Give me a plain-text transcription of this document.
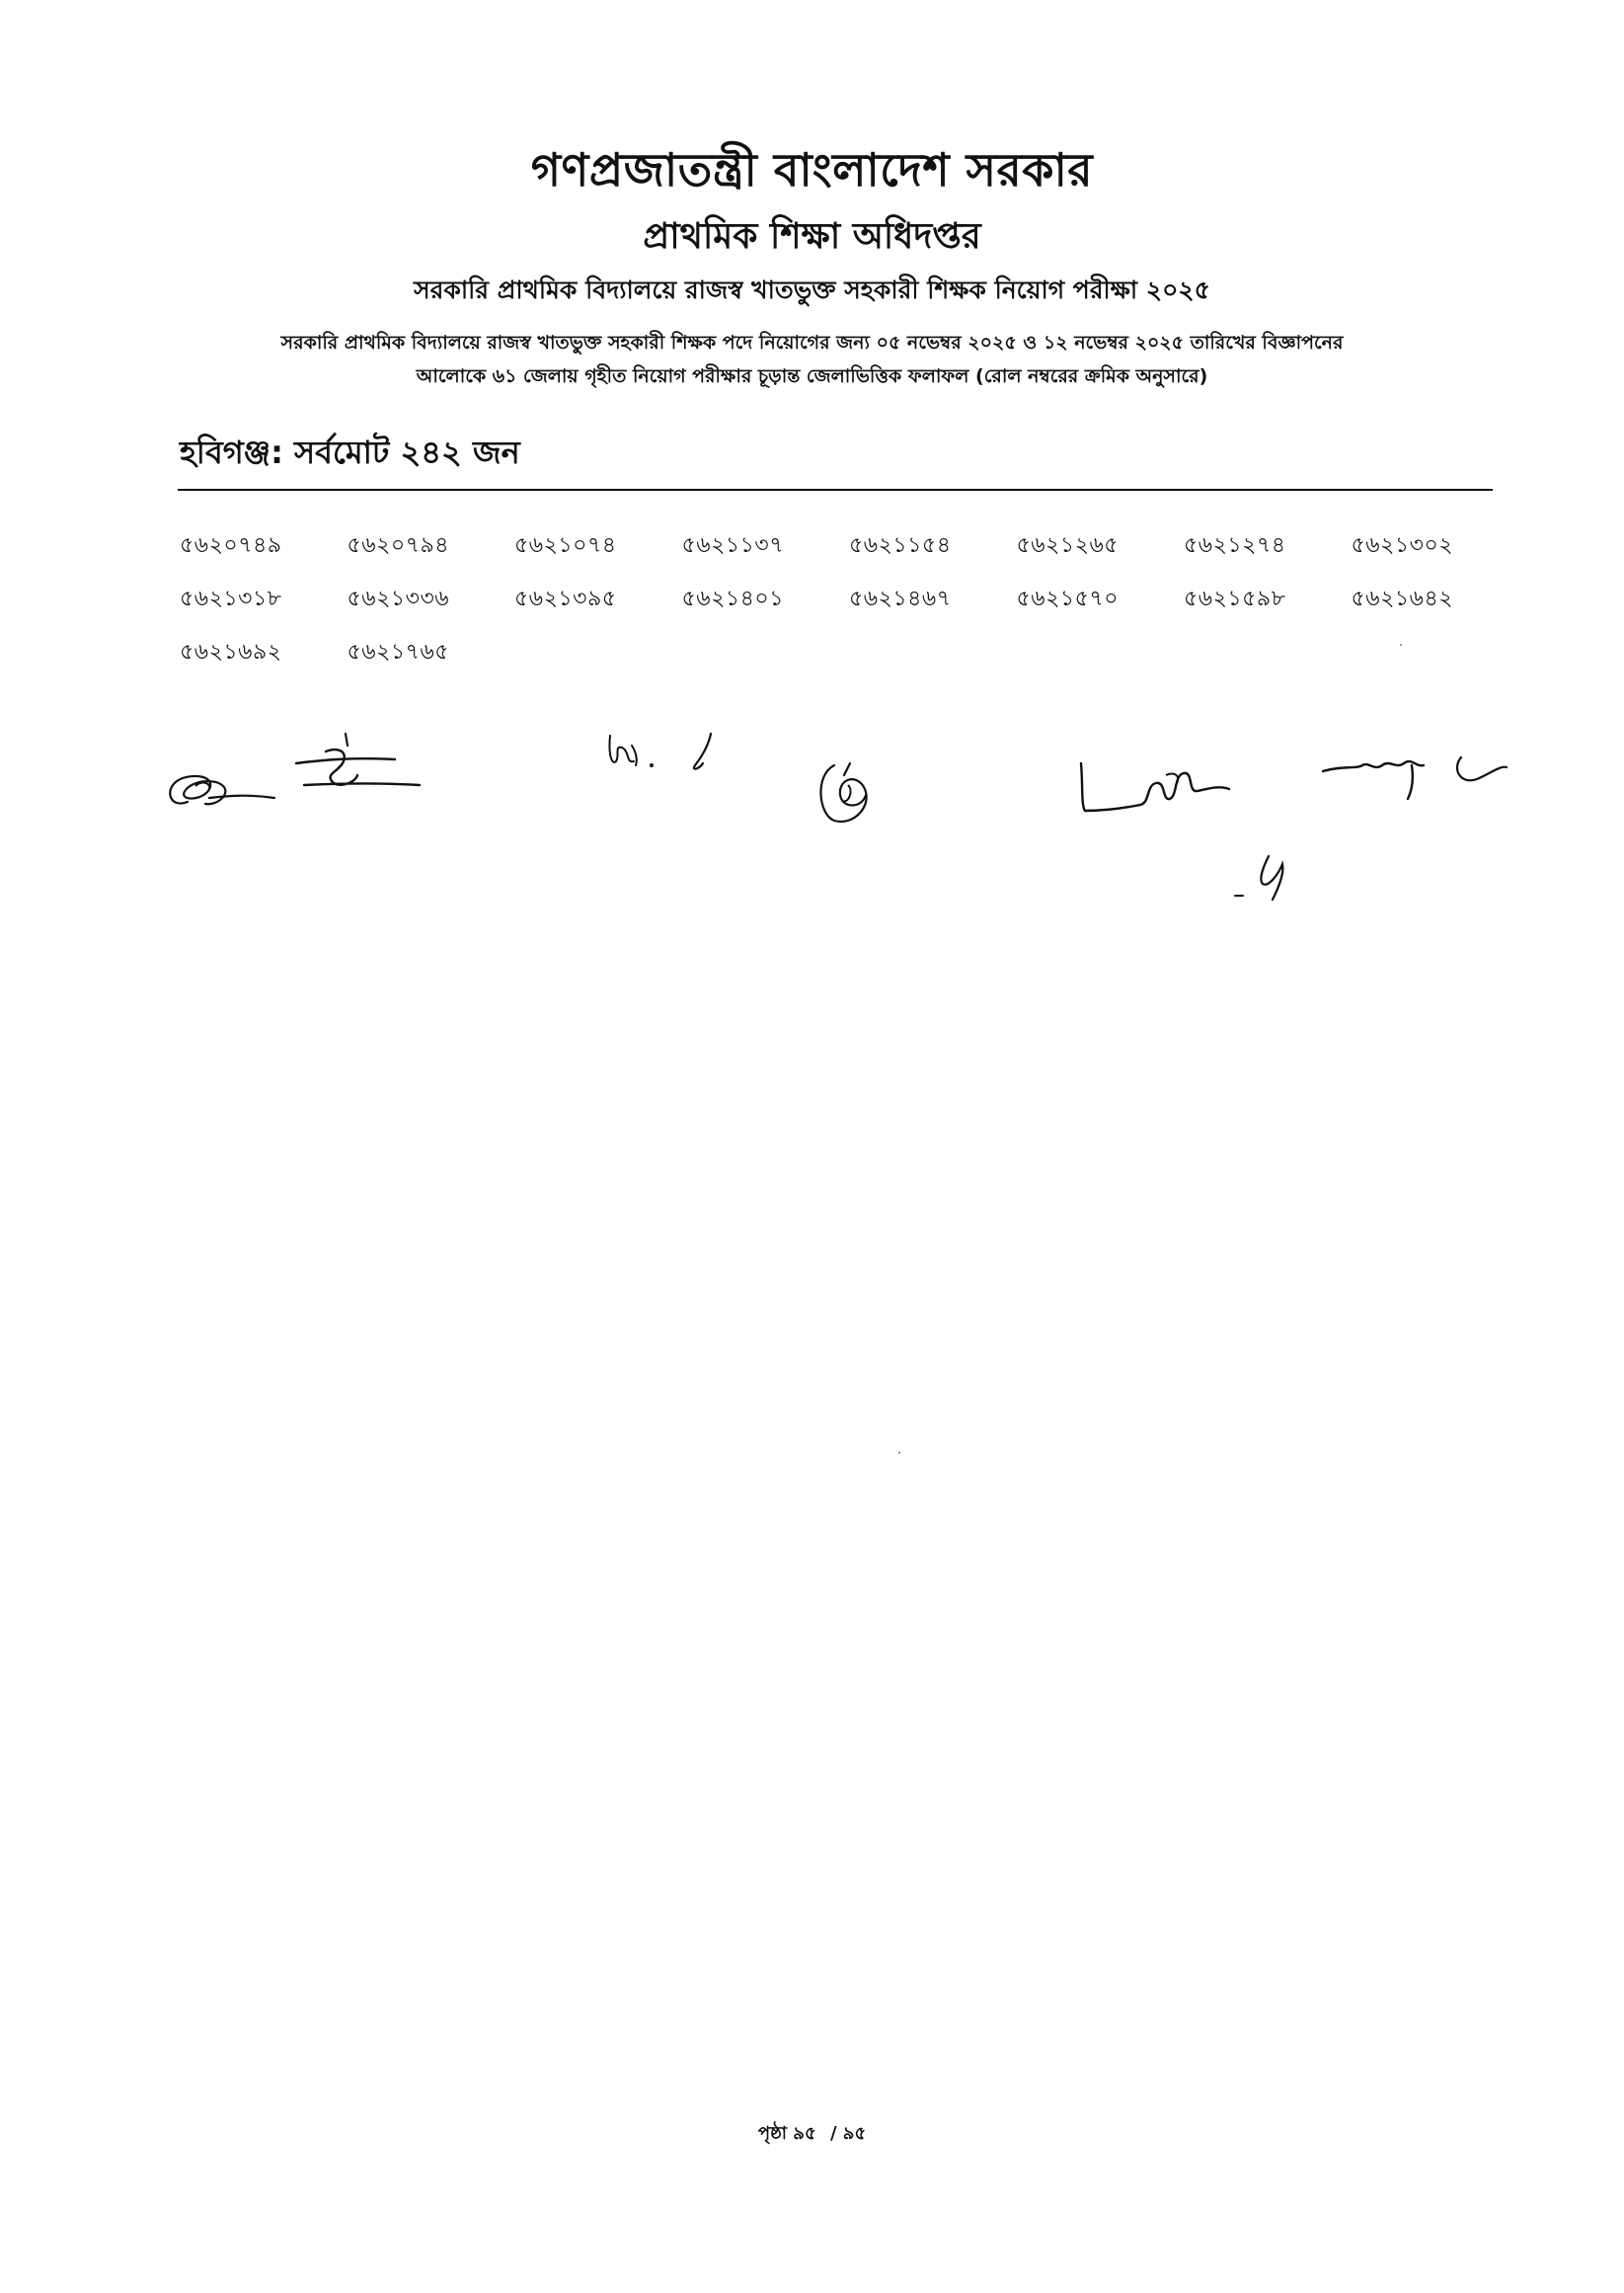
গণপ্রজাতন্ত্রী বাংলাদেশ সরকার
প্রাথমিক শিক্ষা অধিদপ্তর
সরকারি প্রাথমিক বিদ্যালয়ে রাজস্ব খাতভুক্ত সহকারী শিক্ষক নিয়োগ পরীক্ষা ২০২৫
সরকারি প্রাথমিক বিদ্যালয়ে রাজস্ব খাতভুক্ত সহকারী শিক্ষক পদে নিয়োগের জন্য ০৫ নভেম্বর ২০২৫ ও ১২ নভেম্বর ২০২৫ তারিখের বিজ্ঞাপনের
আলোকে ৬১ জেলায় গৃহীত নিয়োগ পরীক্ষার চূড়ান্ত জেলাভিত্তিক ফলাফল (রোল নম্বরের ক্রমিক অনুসারে)
হবিগঞ্জ: সর্বমোট ২৪২ জন
৫৬২০৭৪৯	৫৬২০৭৯৪	৫৬২১০৭৪	৫৬২১১৩৭	৫৬২১১৫৪	৫৬২১২৬৫	৫৬২১২৭৪	৫৬২১৩০২
৫৬২১৩১৮	৫৬২১৩৩৬	৫৬২১৩৯৫	৫৬২১৪০১	৫৬২১৪৬৭	৫৬২১৫৭০	৫৬২১৫৯৮	৫৬২১৬৪২
৫৬২১৬৯২	৫৬২১৭৬৫
পৃষ্ঠা ৯৫ / ৯৫
